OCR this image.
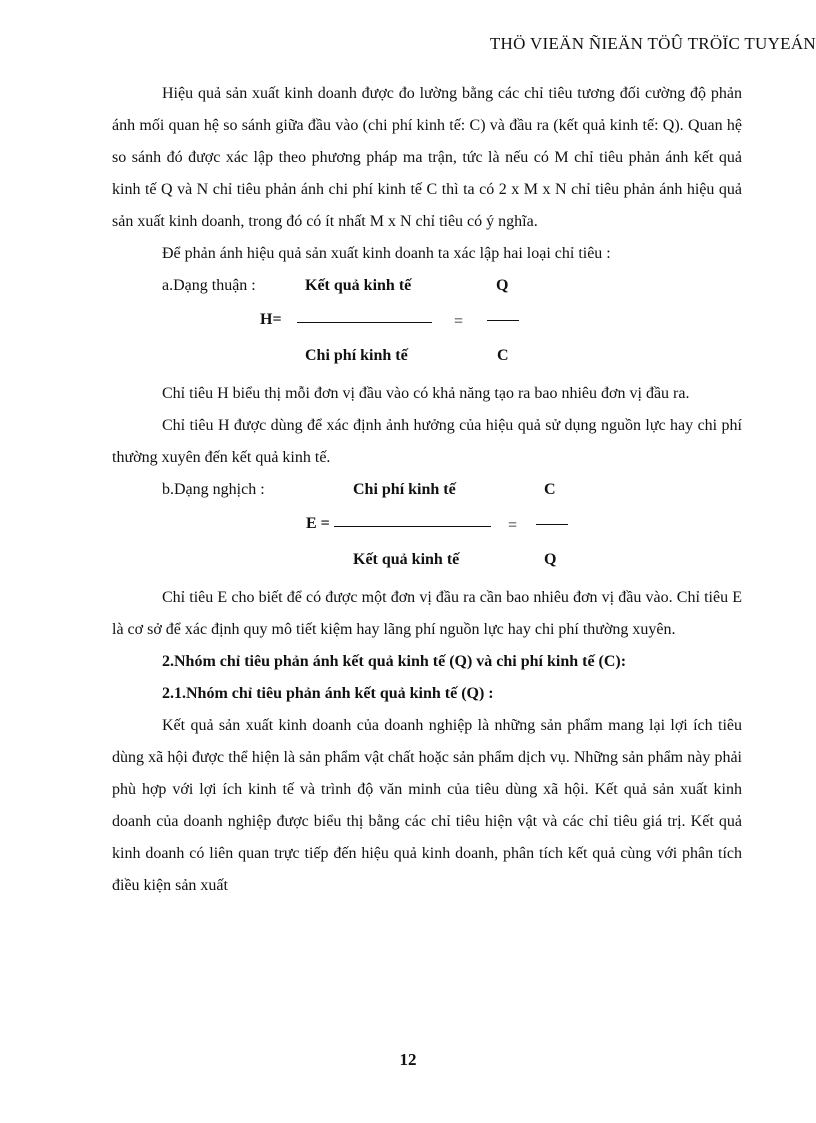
THÖ VIEÄN ÑIEÄN TÖÛ TRÖÏC TUYEÁN

Hiệu quả sản xuất kinh doanh được đo lường bằng các chỉ tiêu tương đối cường độ phản ánh mối quan hệ so sánh giữa đầu vào (chi phí kinh tế: C) và đầu ra (kết quả kinh tế: Q). Quan hệ so sánh đó được xác lập theo phương pháp ma trận, tức là nếu có M chỉ tiêu phản ánh kết quả kinh tế Q và N chỉ tiêu phản ánh chi phí kinh tế C thì ta có 2 x M x N chỉ tiêu phản ánh hiệu quả sản xuất kinh doanh, trong đó có ít nhất M x N chỉ tiêu có ý nghĩa.

Để phản ánh hiệu quả sản xuất kinh doanh ta xác lập hai loại chỉ tiêu :

a.Dạng thuận :	Kết quả kinh tế	Q
H=	=
Chi phí kinh tế	C

Chỉ tiêu H biểu thị mỗi đơn vị đầu vào có khả năng tạo ra bao nhiêu đơn vị đầu ra.

Chỉ tiêu H được dùng để xác định ảnh hưởng của hiệu quả sử dụng nguồn lực hay chi phí thường xuyên đến kết quả kinh tế.

b.Dạng nghịch :	Chi phí kinh tế	C
E =	=
Kết quả kinh tế	Q

Chỉ tiêu E cho biết để có được một đơn vị đầu ra cần bao nhiêu đơn vị đầu vào. Chỉ tiêu E là cơ sở để xác định quy mô tiết kiệm hay lãng phí nguồn lực hay chi phí thường xuyên.

2.Nhóm chỉ tiêu phản ánh kết quả kinh tế (Q) và chi phí kinh tế (C):

2.1.Nhóm chỉ tiêu phản ánh kết quả kinh tế (Q) :

Kết quả sản xuất kinh doanh của doanh nghiệp là những sản phẩm mang lại lợi ích tiêu dùng xã hội được thể hiện là sản phẩm vật chất hoặc sản phẩm dịch vụ. Những sản phẩm này phải phù hợp với lợi ích kinh tế và trình độ văn minh của tiêu dùng xã hội. Kết quả sản xuất kinh doanh của doanh nghiệp được biểu thị bằng các chỉ tiêu hiện vật và các chỉ tiêu giá trị. Kết quả kinh doanh có liên quan trực tiếp đến hiệu quả kinh doanh, phân tích kết quả cùng với phân tích điều kiện sản xuất

12
